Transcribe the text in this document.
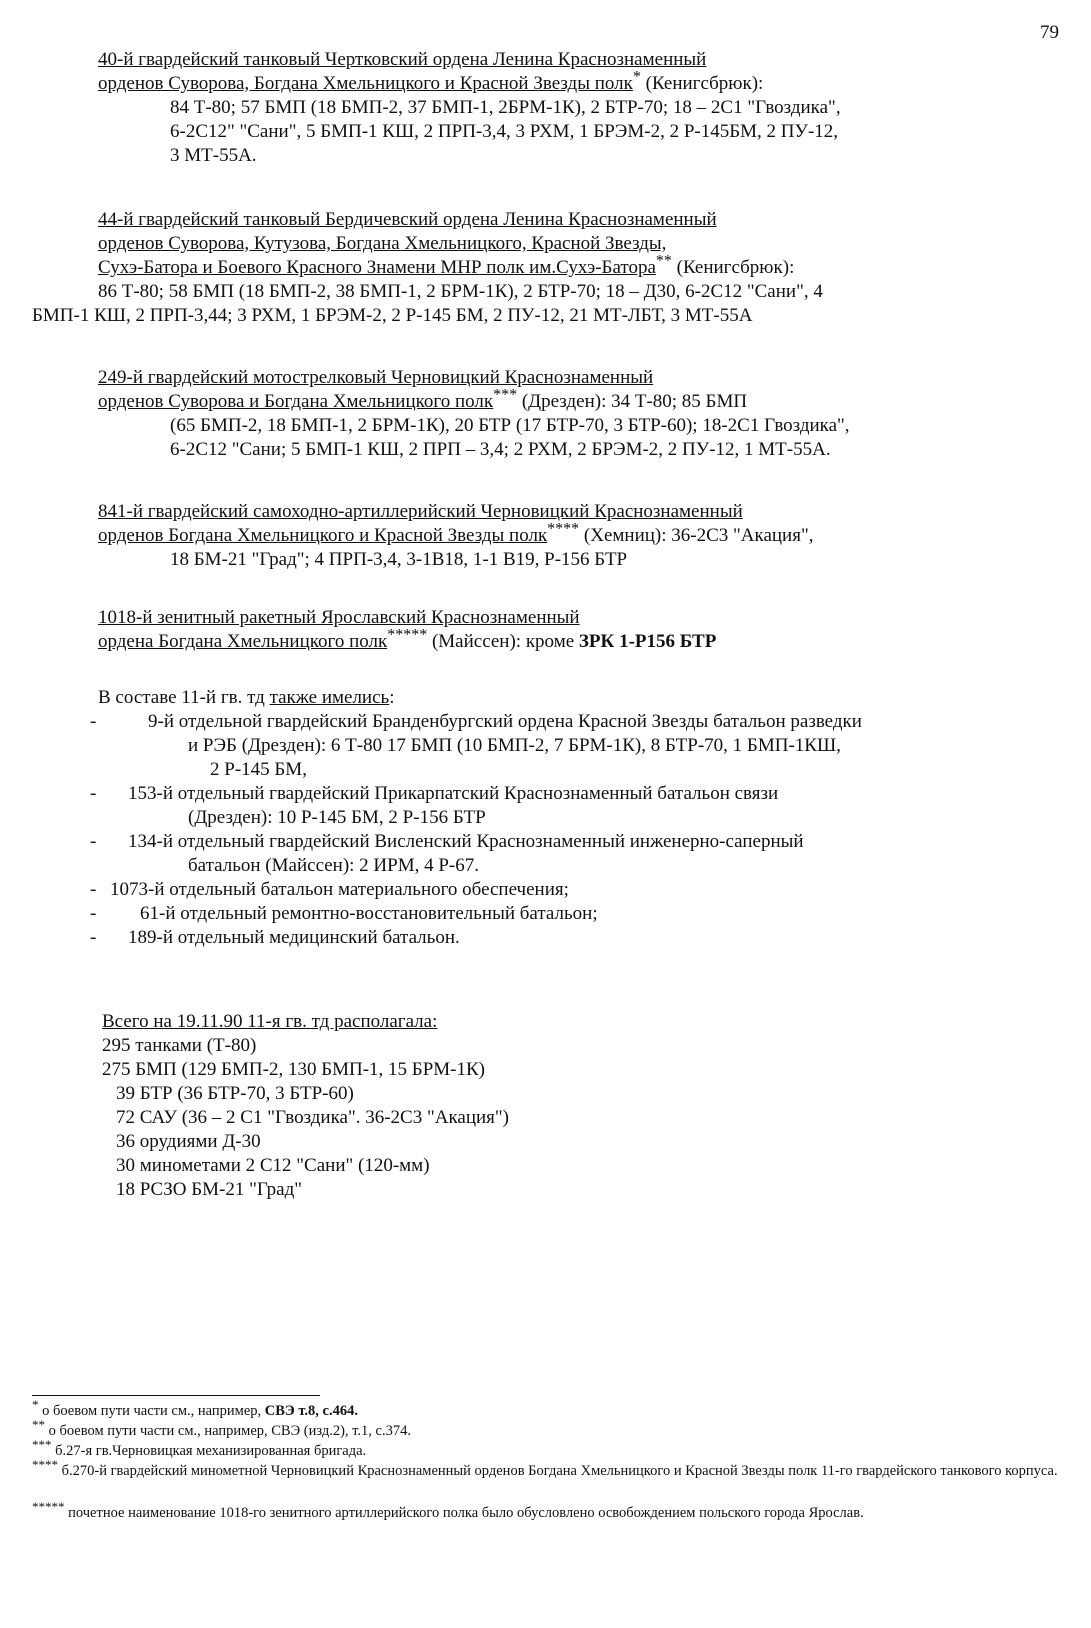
79
40-й гвардейский танковый Чертковский ордена Ленина Краснознаменный
орденов Суворова, Богдана Хмельницкого и Красной Звезды полк* (Кенигсбрюк):
84 Т-80; 57 БМП (18 БМП-2, 37 БМП-1, 2БРМ-1К), 2 БТР-70; 18 – 2С1 "Гвоздика",
6-2С12" "Сани", 5 БМП-1 КШ, 2 ПРП-3,4, 3 РХМ, 1 БРЭМ-2, 2 Р-145БМ, 2 ПУ-12,
3 МТ-55А.
44-й гвардейский танковый Бердичевский ордена Ленина Краснознаменный
орденов Суворова, Кутузова, Богдана Хмельницкого, Красной Звезды,
Сухэ-Батора и Боевого Красного Знамени МНР полк им.Сухэ-Батора** (Кенигсбрюк):
86 Т-80; 58 БМП (18 БМП-2, 38 БМП-1, 2 БРМ-1К), 2 БТР-70; 18 – Д30, 6-2С12 "Сани", 4
БМП-1 КШ, 2 ПРП-3,44; 3 РХМ, 1 БРЭМ-2, 2 Р-145 БМ, 2 ПУ-12, 21 МТ-ЛБТ, 3 МТ-55А
249-й гвардейский мотострелковый Черновицкий Краснознаменный
орденов Суворова и Богдана Хмельницкого полк*** (Дрезден): 34 Т-80; 85 БМП
(65 БМП-2, 18 БМП-1, 2 БРМ-1К), 20 БТР (17 БТР-70, 3 БТР-60); 18-2С1 Гвоздика",
6-2С12 "Сани; 5 БМП-1 КШ, 2 ПРП – 3,4; 2 РХМ, 2 БРЭМ-2, 2 ПУ-12, 1 МТ-55А.
841-й гвардейский самоходно-артиллерийский Черновицкий Краснознаменный
орденов Богдана Хмельницкого и Красной Звезды полк**** (Хемниц): 36-2С3 "Акация",
18 БМ-21 "Град"; 4 ПРП-3,4, 3-1В18, 1-1 В19, Р-156 БТР
1018-й зенитный ракетный Ярославский Краснознаменный
ордена Богдана Хмельницкого полк***** (Майссен): кроме ЗРК 1-Р156 БТР
В составе 11-й гв. тд также имелись:
-	9-й отдельной гвардейский Бранденбургский ордена Красной Звезды батальон разведки
и РЭБ (Дрезден): 6 Т-80 17 БМП (10 БМП-2, 7 БРМ-1К), 8 БТР-70, 1 БМП-1КШ,
2 Р-145 БМ,
- 153-й отдельный гвардейский Прикарпатский Краснознаменный батальон связи
(Дрезден): 10 Р-145 БМ, 2 Р-156 БТР
- 134-й отдельный гвардейский Висленский Краснознаменный инженерно-саперный
батальон (Майссен): 2 ИРМ, 4 Р-67.
- 1073-й отдельный батальон материального обеспечения;
- 61-й отдельный ремонтно-восстановительный батальон;
- 189-й отдельный медицинский батальон.
Всего на 19.11.90 11-я гв. тд располагала:
295 танками (Т-80)
275 БМП (129 БМП-2, 130 БМП-1, 15 БРМ-1К)
39 БТР (36 БТР-70, 3 БТР-60)
72 САУ (36 – 2 С1 "Гвоздика". 36-2С3 "Акация")
36 орудиями Д-30
30 минометами 2 С12 "Сани" (120-мм)
18 РСЗО БМ-21 "Град"
* о боевом пути части см., например, СВЭ т.8, с.464.
** о боевом пути части см., например, СВЭ (изд.2), т.1, с.374.
*** б.27-я гв.Черновицкая механизированная бригада.
**** б.270-й гвардейский минометной Черновицкий Краснознаменный орденов Богдана Хмельницкого и Красной Звезды полк 11-го гвардейского танкового корпуса.
***** почетное наименование 1018-го зенитного артиллерийского полка было обусловлено освобождением польского города Ярослав.
